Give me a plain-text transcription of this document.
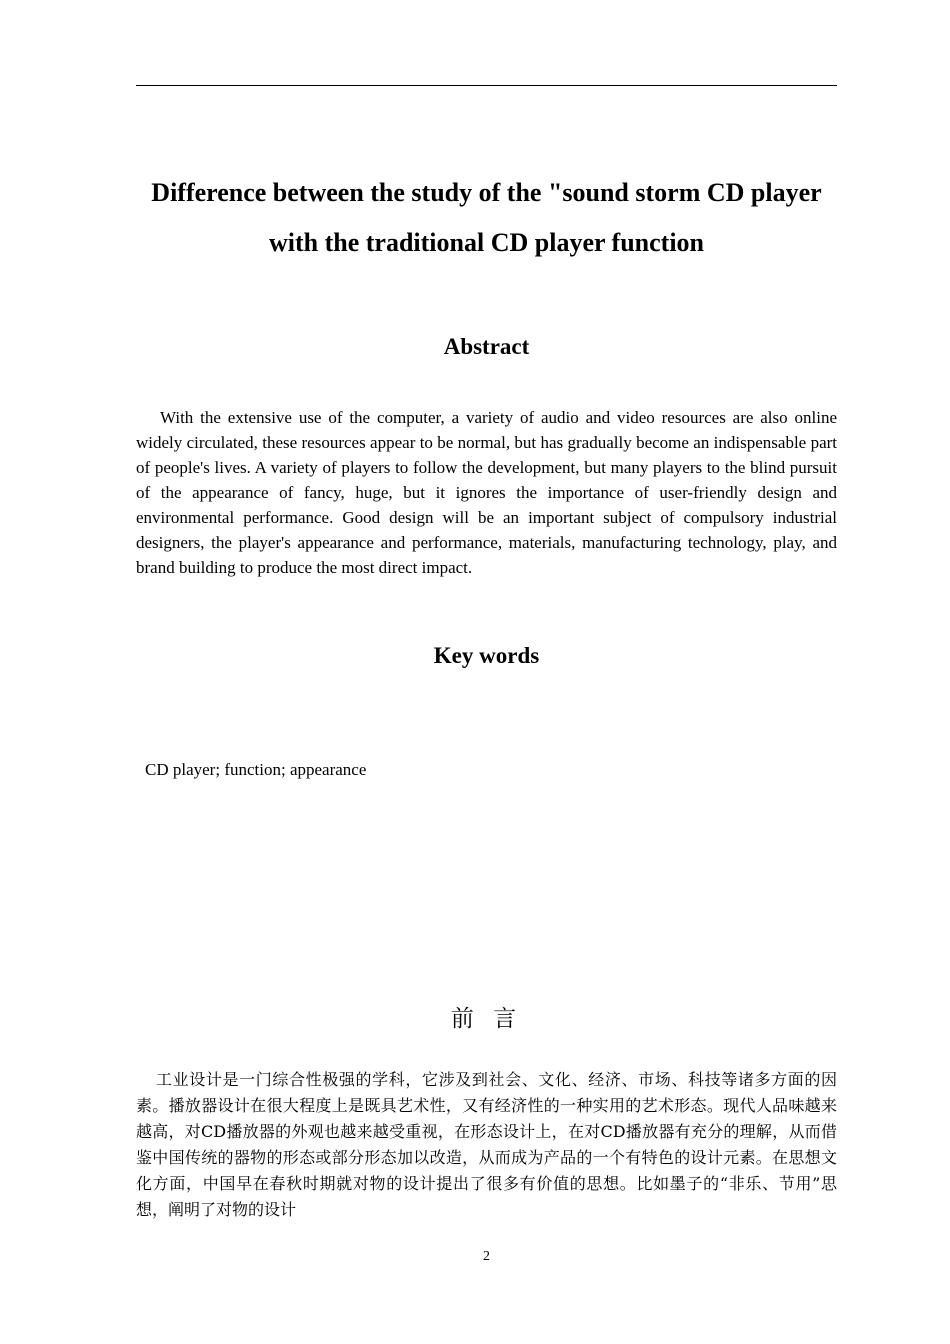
Difference between the study of the "sound storm CD player with the traditional CD player function
Abstract
With the extensive use of the computer, a variety of audio and video resources are also online widely circulated, these resources appear to be normal, but has gradually become an indispensable part of people's lives. A variety of players to follow the development, but many players to the blind pursuit of the appearance of fancy, huge, but it ignores the importance of user-friendly design and environmental performance. Good design will be an important subject of compulsory industrial designers, the player's appearance and performance, materials, manufacturing technology, play, and brand building to produce the most direct impact.
Key words
CD player; function; appearance
前 言
工业设计是一门综合性极强的学科，它涉及到社会、文化、经济、市场、科技等诸多方面的因素。播放器设计在很大程度上是既具艺术性，又有经济性的一种实用的艺术形态。现代人品味越来越高，对CD播放器的外观也越来越受重视，在形态设计上，在对CD播放器有充分的理解，从而借鉴中国传统的器物的形态或部分形态加以改造，从而成为产品的一个有特色的设计元素。在思想文化方面，中国早在春秋时期就对物的设计提出了很多有价值的思想。比如墨子的“非乐、节用”思想，阐明了对物的设计
2
